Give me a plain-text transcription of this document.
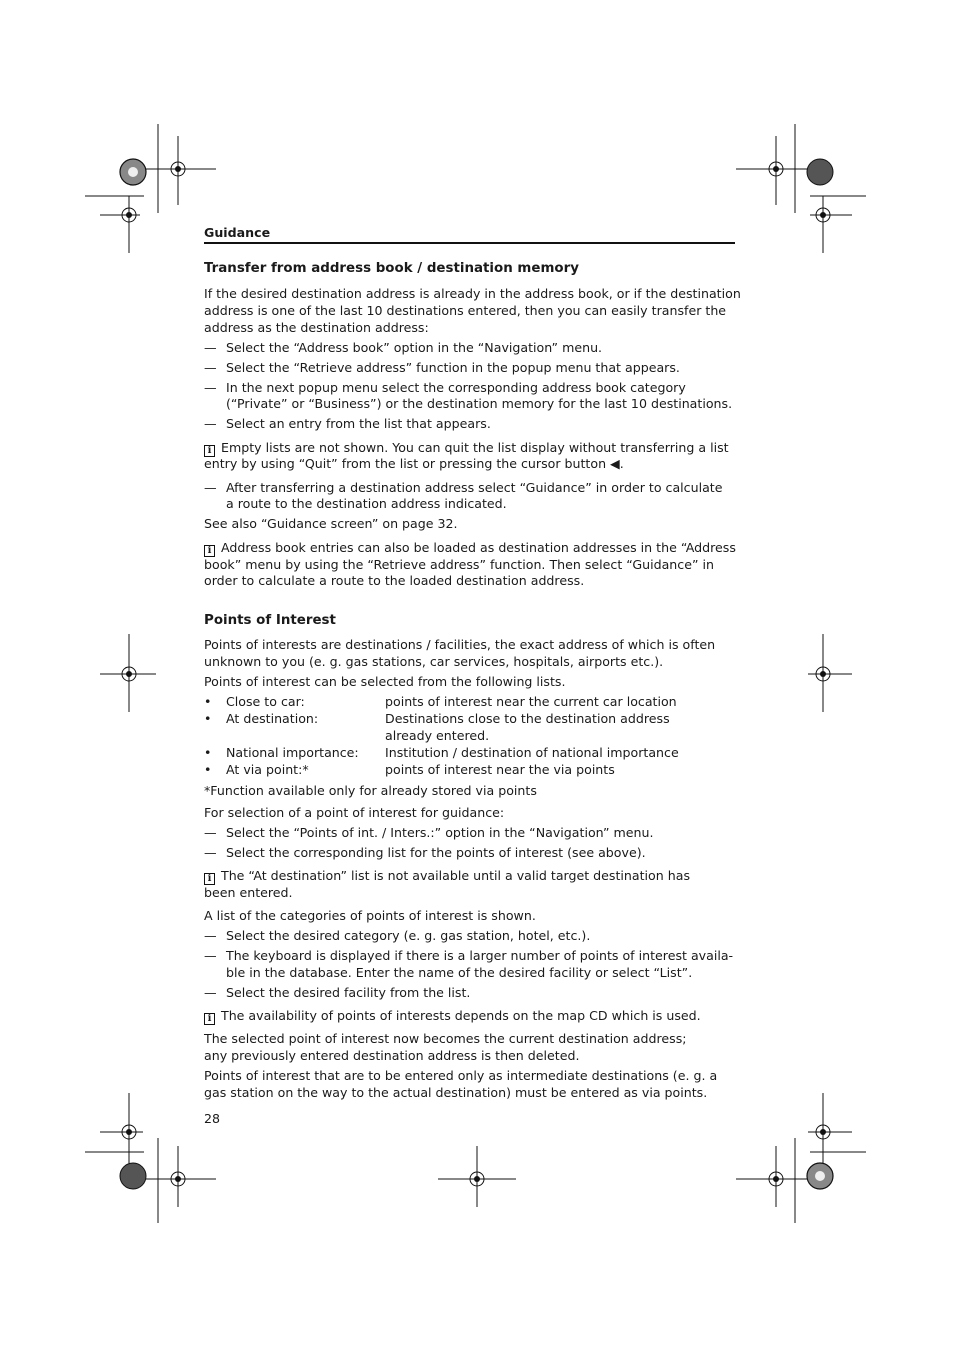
Guidance
Transfer from address book / destination memory
If the desired destination address is already in the address book, or if the destination
address is one of the last 10 destinations entered, then you can easily transfer the
address as the destination address:
— Select the “Address book” option in the “Navigation” menu.
— Select the “Retrieve address” function in the popup menu that appears.
— In the next popup menu select the corresponding address book category
(“Private” or “Business”) or the destination memory for the last 10 destinations.
— Select an entry from the list that appears.
i Empty lists are not shown. You can quit the list display without transferring a list
entry by using “Quit” from the list or pressing the cursor button ◀.
— After transferring a destination address select “Guidance” in order to calculate
a route to the destination address indicated.
See also “Guidance screen” on page 32.
i Address book entries can also be loaded as destination addresses in the “Address
book” menu by using the “Retrieve address” function. Then select “Guidance” in
order to calculate a route to the loaded destination address.
Points of Interest
Points of interests are destinations / facilities, the exact address of which is often
unknown to you (e. g. gas stations, car services, hospitals, airports etc.).
Points of interest can be selected from the following lists.
• Close to car:	points of interest near the current car location
• At destination:	Destinations close to the destination address
already entered.
• National importance: Institution / destination of national importance
• At via point:*	points of interest near the via points
*Function available only for already stored via points
For selection of a point of interest for guidance:
— Select the “Points of int. / Inters.:” option in the “Navigation” menu.
— Select the corresponding list for the points of interest (see above).
i The “At destination” list is not available until a valid target destination has
been entered.
A list of the categories of points of interest is shown.
— Select the desired category (e. g. gas station, hotel, etc.).
— The keyboard is displayed if there is a larger number of points of interest availa-
ble in the database. Enter the name of the desired facility or select “List”.
— Select the desired facility from the list.
i The availability of points of interests depends on the map CD which is used.
The selected point of interest now becomes the current destination address;
any previously entered destination address is then deleted.
Points of interest that are to be entered only as intermediate destinations (e. g. a
gas station on the way to the actual destination) must be entered as via points.
28
